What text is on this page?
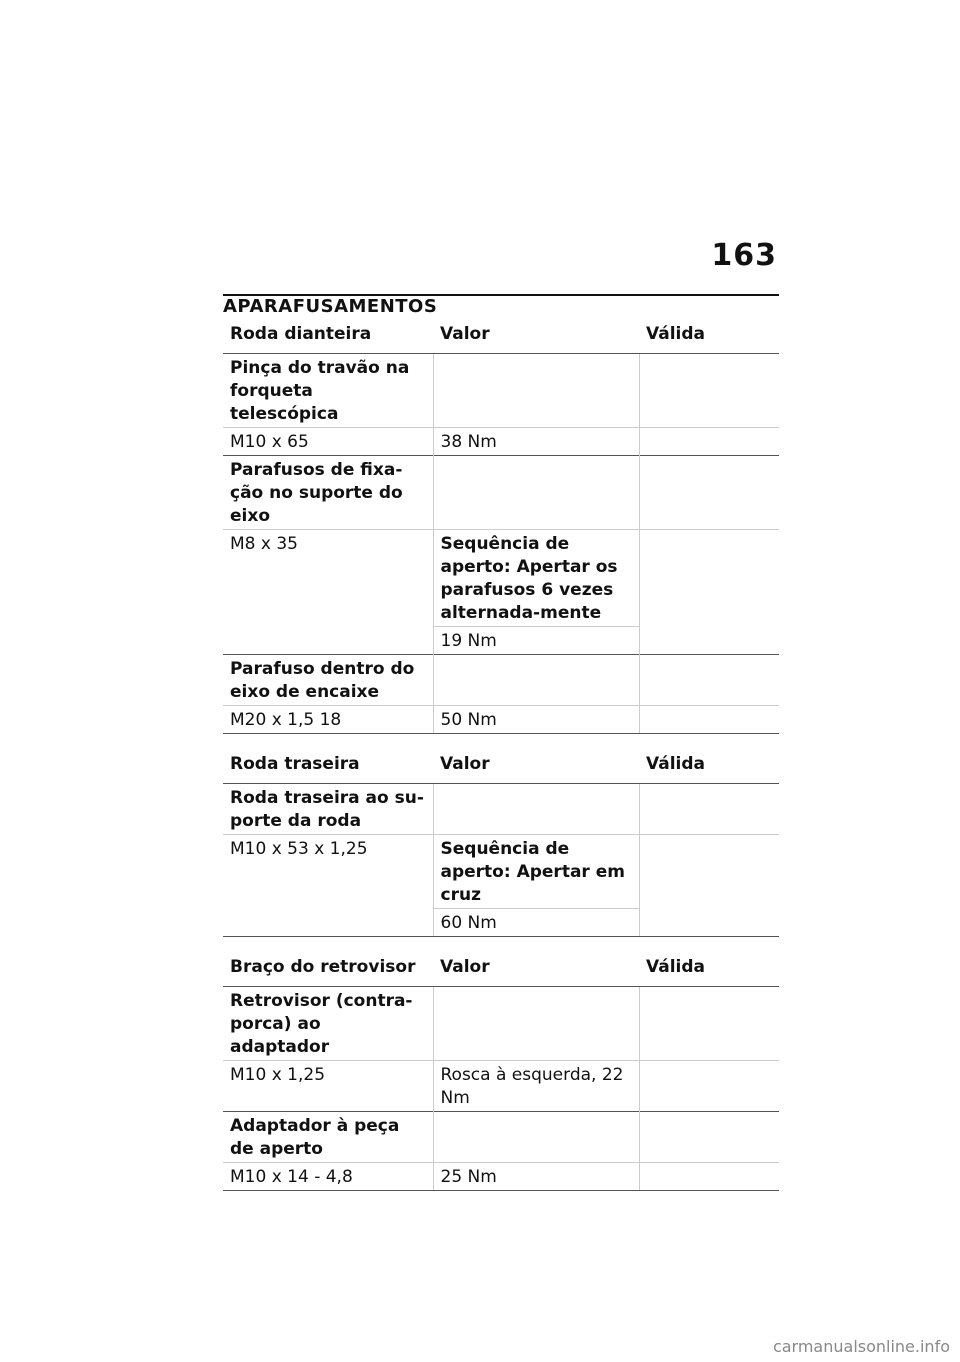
163
APARAFUSAMENTOS
Roda dianteira	Valor	Válida
Pinça do travão na forqueta telescópica		
M10 x 65	38 Nm	
Parafusos de fixa-ção no suporte do eixo		
M8 x 35	Sequência de aperto: Apertar os parafusos 6 vezes alternada-mente	
	19 Nm	
Parafuso dentro do eixo de encaixe		
M20 x 1,5 18	50 Nm	
Roda traseira	Valor	Válida
Roda traseira ao su-porte da roda		
M10 x 53 x 1,25	Sequência de aperto: Apertar em cruz	
	60 Nm	
Braço do retrovisor	Valor	Válida
Retrovisor (contra-porca) ao adaptador		
M10 x 1,25	Rosca à esquerda, 22 Nm	
Adaptador à peça de aperto		
M10 x 14 - 4,8	25 Nm	
carmanualsonline.info
